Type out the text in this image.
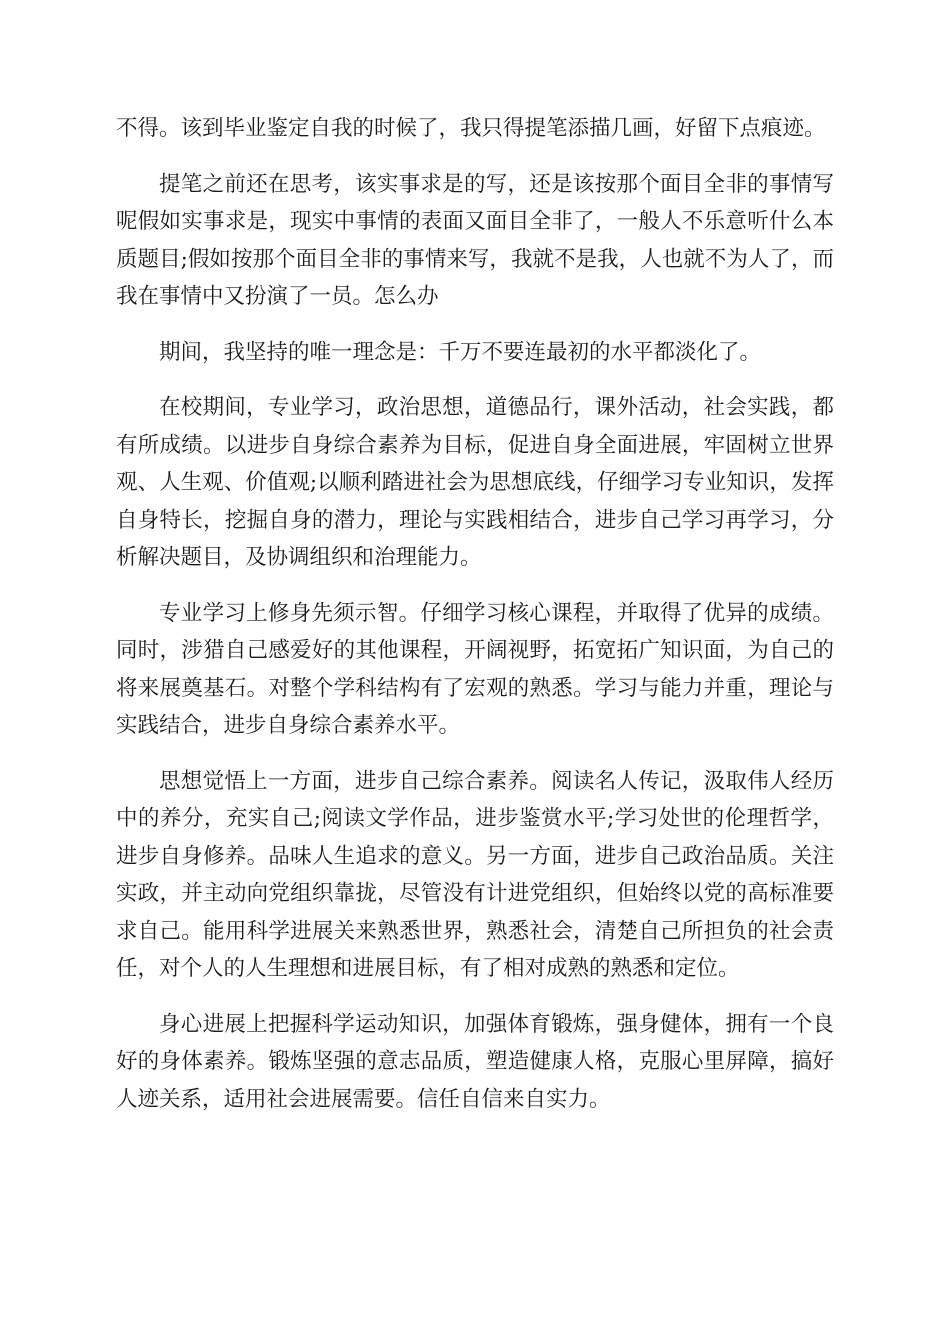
不得。该到毕业鉴定自我的时候了，我只得提笔添描几画，好留下点痕迹。

提笔之前还在思考，该实事求是的写，还是该按那个面目全非的事情写呢假如实事求是，现实中事情的表面又面目全非了，一般人不乐意听什么本质题目;假如按那个面目全非的事情来写，我就不是我，人也就不为人了，而我在事情中又扮演了一员。怎么办

期间，我坚持的唯一理念是：千万不要连最初的水平都淡化了。

在校期间，专业学习，政治思想，道德品行，课外活动，社会实践，都有所成绩。以进步自身综合素养为目标，促进自身全面进展，牢固树立世界观、人生观、价值观;以顺利踏进社会为思想底线，仔细学习专业知识，发挥自身特长，挖掘自身的潜力，理论与实践相结合，进步自己学习再学习，分析解决题目，及协调组织和治理能力。

专业学习上修身先须示智。仔细学习核心课程，并取得了优异的成绩。同时，涉猎自己感爱好的其他课程，开阔视野，拓宽拓广知识面，为自己的将来展奠基石。对整个学科结构有了宏观的熟悉。学习与能力并重，理论与实践结合，进步自身综合素养水平。

思想觉悟上一方面，进步自己综合素养。阅读名人传记，汲取伟人经历中的养分，充实自己;阅读文学作品，进步鉴赏水平;学习处世的伦理哲学，进步自身修养。品味人生追求的意义。另一方面，进步自己政治品质。关注实政，并主动向党组织靠拢，尽管没有计进党组织，但始终以党的高标准要求自己。能用科学进展关来熟悉世界，熟悉社会，清楚自己所担负的社会责任，对个人的人生理想和进展目标，有了相对成熟的熟悉和定位。

身心进展上把握科学运动知识，加强体育锻炼，强身健体，拥有一个良好的身体素养。锻炼坚强的意志品质，塑造健康人格，克服心里屏障，搞好人迹关系，适用社会进展需要。信任自信来自实力。
